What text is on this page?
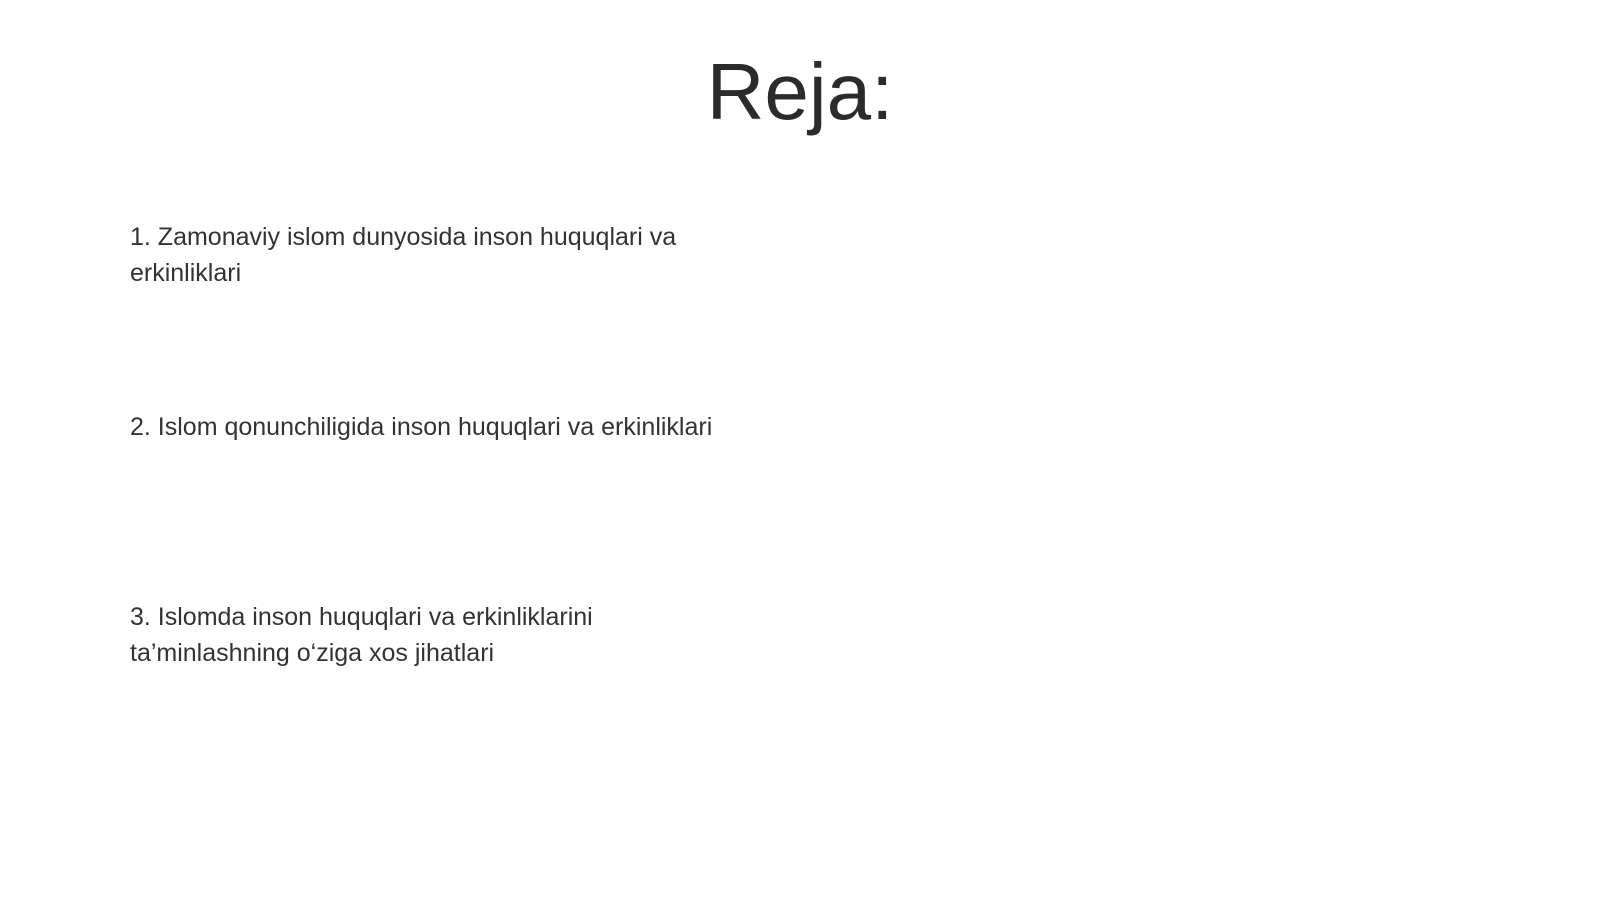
Reja:
1. Zamonaviy islom dunyosida inson huquqlari va erkinliklari
2. Islom qonunchiligida inson huquqlari va erkinliklari
3. Islomda inson huquqlari va erkinliklarini ta’minlashning o‘ziga xos jihatlari
